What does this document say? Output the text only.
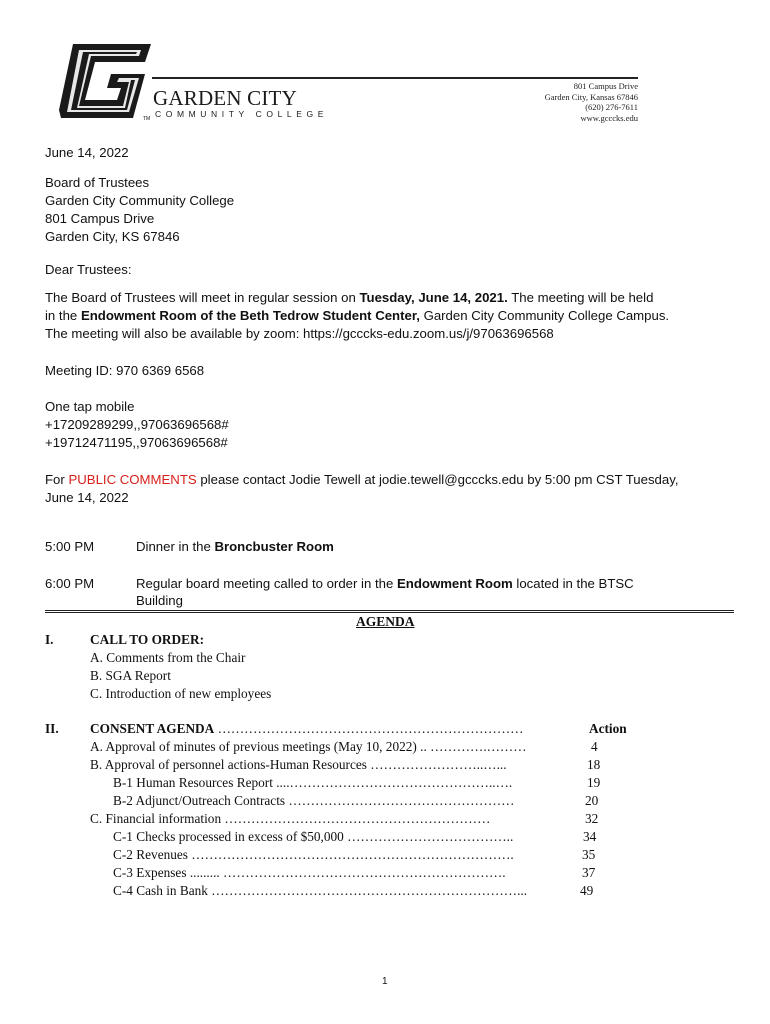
TM
GARDEN CITY
COMMUNITY COLLEGE
801 Campus Drive
Garden City, Kansas 67846
(620) 276-7611
www.gcccks.edu
June 14, 2022
Board of Trustees
Garden City Community College
801 Campus Drive
Garden City, KS 67846
Dear Trustees:
The Board of Trustees will meet in regular session on Tuesday, June 14, 2021. The meeting will be held
in the Endowment Room of the Beth Tedrow Student Center, Garden City Community College Campus.
The meeting will also be available by zoom: https://gcccks-edu.zoom.us/j/97063696568
Meeting ID: 970 6369 6568
One tap mobile
+17209289299,,97063696568#
+19712471195,,97063696568#
For PUBLIC COMMENTS please contact Jodie Tewell at jodie.tewell@gcccks.edu by 5:00 pm CST Tuesday,
June 14, 2022
5:00 PM	Dinner in the Broncbuster Room
6:00 PM	Regular board meeting called to order in the Endowment Room located in the BTSC
Building
AGENDA
I.	CALL TO ORDER:
A. Comments from the Chair
B. SGA Report
C. Introduction of new employees
II. CONSENT AGENDA ……………………………………………………………	Action
A. Approval of minutes of previous meetings (May 10, 2022) .. ………….………	4
B. Approval of personnel actions-Human Resources ……………………..…...	18
B-1 Human Resources Report ....………………………………………..….	19
B-2 Adjunct/Outreach Contracts ……………………………………………	20
C. Financial information ……………………………………………………	32
C-1 Checks processed in excess of $50,000 ………………………………..	34
C-2 Revenues ……………………………………………………………….	35
C-3 Expenses ......... ……………………………………………………….	37
C-4 Cash in Bank ……………………………………………………………...	49
1
